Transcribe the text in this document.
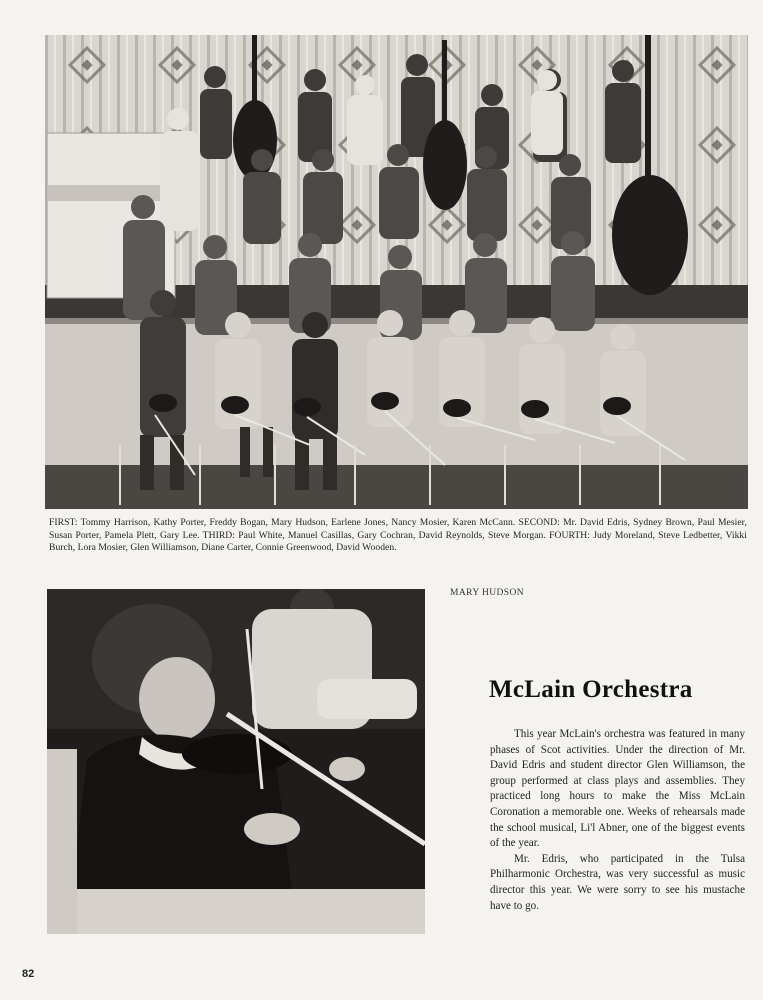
FIRST: Tommy Harrison, Kathy Porter, Freddy Bogan, Mary Hudson, Earlene Jones, Nancy Mosier, Karen McCann. SECOND: Mr. David Edris, Sydney Brown, Paul Mesier, Susan Porter, Pamela Plett, Gary Lee. THIRD: Paul White, Manuel Casillas, Gary Cochran, David Reynolds, Steve Morgan. FOURTH: Judy Moreland, Steve Ledbetter, Vikki Burch, Lora Mosier, Glen Williamson, Diane Carter, Connie Greenwood, David Wooden.
MARY HUDSON
McLain Orchestra

This year McLain's orchestra was featured in many phases of Scot activities. Under the direction of Mr. David Edris and student director Glen Williamson, the group performed at class plays and assemblies. They practiced long hours to make the Miss McLain Coronation a memorable one. Weeks of rehearsals made the school musical, Li'l Abner, one of the biggest events of the year.

Mr. Edris, who participated in the Tulsa Philharmonic Orchestra, was very successful as music director this year. We were sorry to see his mustache have to go.

82
